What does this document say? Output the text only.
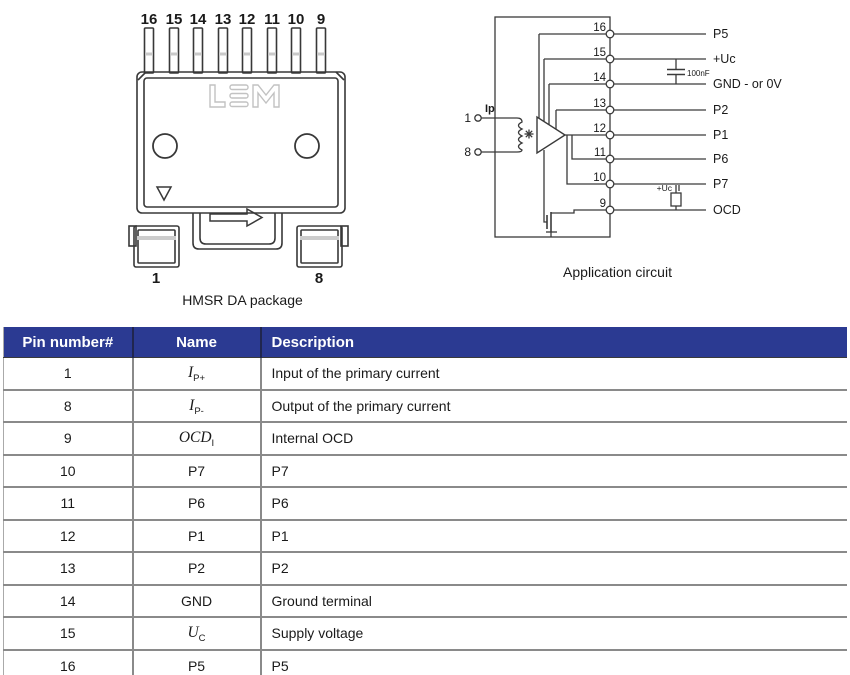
16 15 14 13 12 11 10 9
1	8
HMSR DA package
1
8
Ip
100nF
+Uc
16
15
14
13
12
11
10
9
P5
+Uc
GND - or 0V
P2
P1
P6
P7
OCD
Application circuit
Pin number#	Name	Description
1	$I_{P+}$	Input of the primary current
8	$I_{P-}$	Output of the primary current
9	$OCD_I$	Internal OCD
10	P7	P7
11	P6	P6
12	P1	P1
13	P2	P2
14	GND	Ground terminal
15	$U_C$	Supply voltage
16	P5	P5
